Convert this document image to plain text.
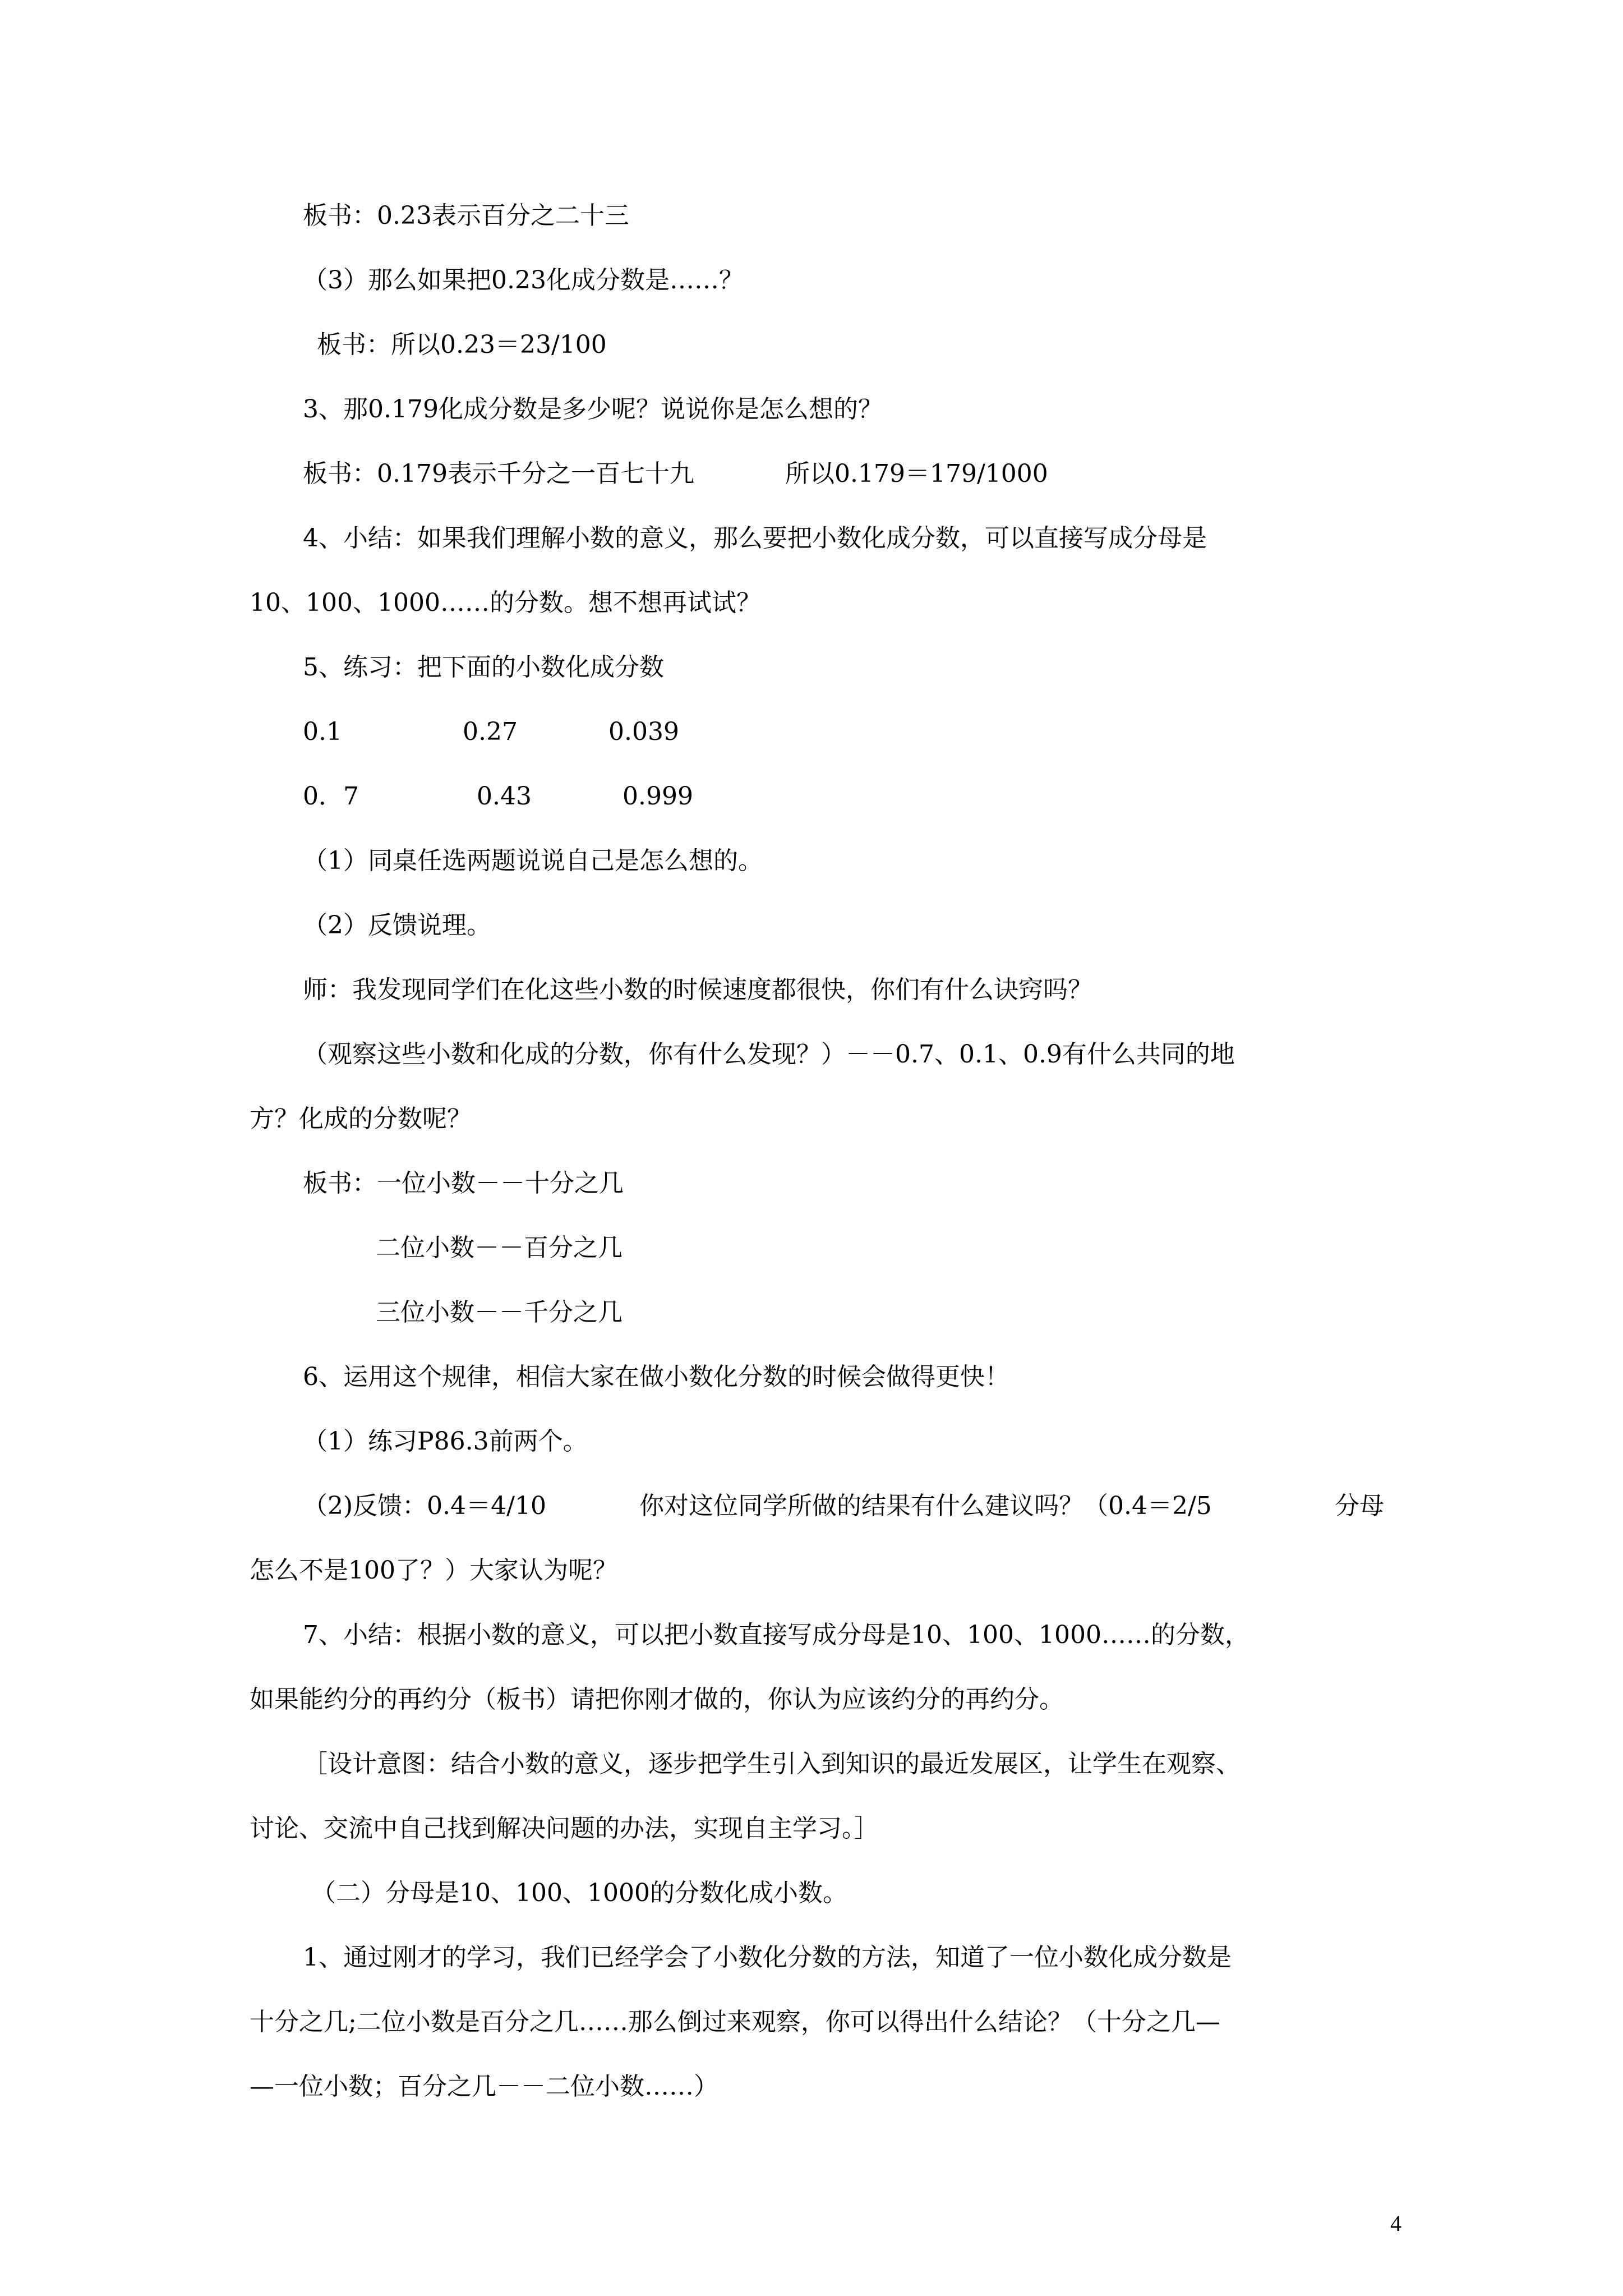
板书：0.23表示百分之二十三
（3）那么如果把0.23化成分数是……？
板书：所以0.23＝23/100
3、那0.179化成分数是多少呢？说说你是怎么想的？
板书：0.179表示千分之一百七十九	所以0.179＝179/1000
4、小结：如果我们理解小数的意义，那么要把小数化成分数，可以直接写成分母是
10、100、1000……的分数。想不想再试试？
5、练习：把下面的小数化成分数
0.1	0.27	0.039
0．7	0.43	0.999
（1）同桌任选两题说说自己是怎么想的。
（2）反馈说理。
师：我发现同学们在化这些小数的时候速度都很快，你们有什么诀窍吗？
（观察这些小数和化成的分数，你有什么发现？）－－0.7、0.1、0.9有什么共同的地
方？化成的分数呢？
板书：一位小数－－十分之几
二位小数－－百分之几
三位小数－－千分之几
6、运用这个规律，相信大家在做小数化分数的时候会做得更快！
（1）练习P86.3前两个。
（2)反馈：0.4＝4/10	你对这位同学所做的结果有什么建议吗？（0.4＝2/5	分母
怎么不是100了？）大家认为呢？
7、小结：根据小数的意义，可以把小数直接写成分母是10、100、1000……的分数，
如果能约分的再约分（板书）请把你刚才做的，你认为应该约分的再约分。
［设计意图：结合小数的意义，逐步把学生引入到知识的最近发展区，让学生在观察、
讨论、交流中自己找到解决问题的办法，实现自主学习。］
（二）分母是10、100、1000的分数化成小数。
1、通过刚才的学习，我们已经学会了小数化分数的方法，知道了一位小数化成分数是
十分之几;二位小数是百分之几……那么倒过来观察，你可以得出什么结论？（十分之几—
—一位小数；百分之几－－二位小数……）
4
